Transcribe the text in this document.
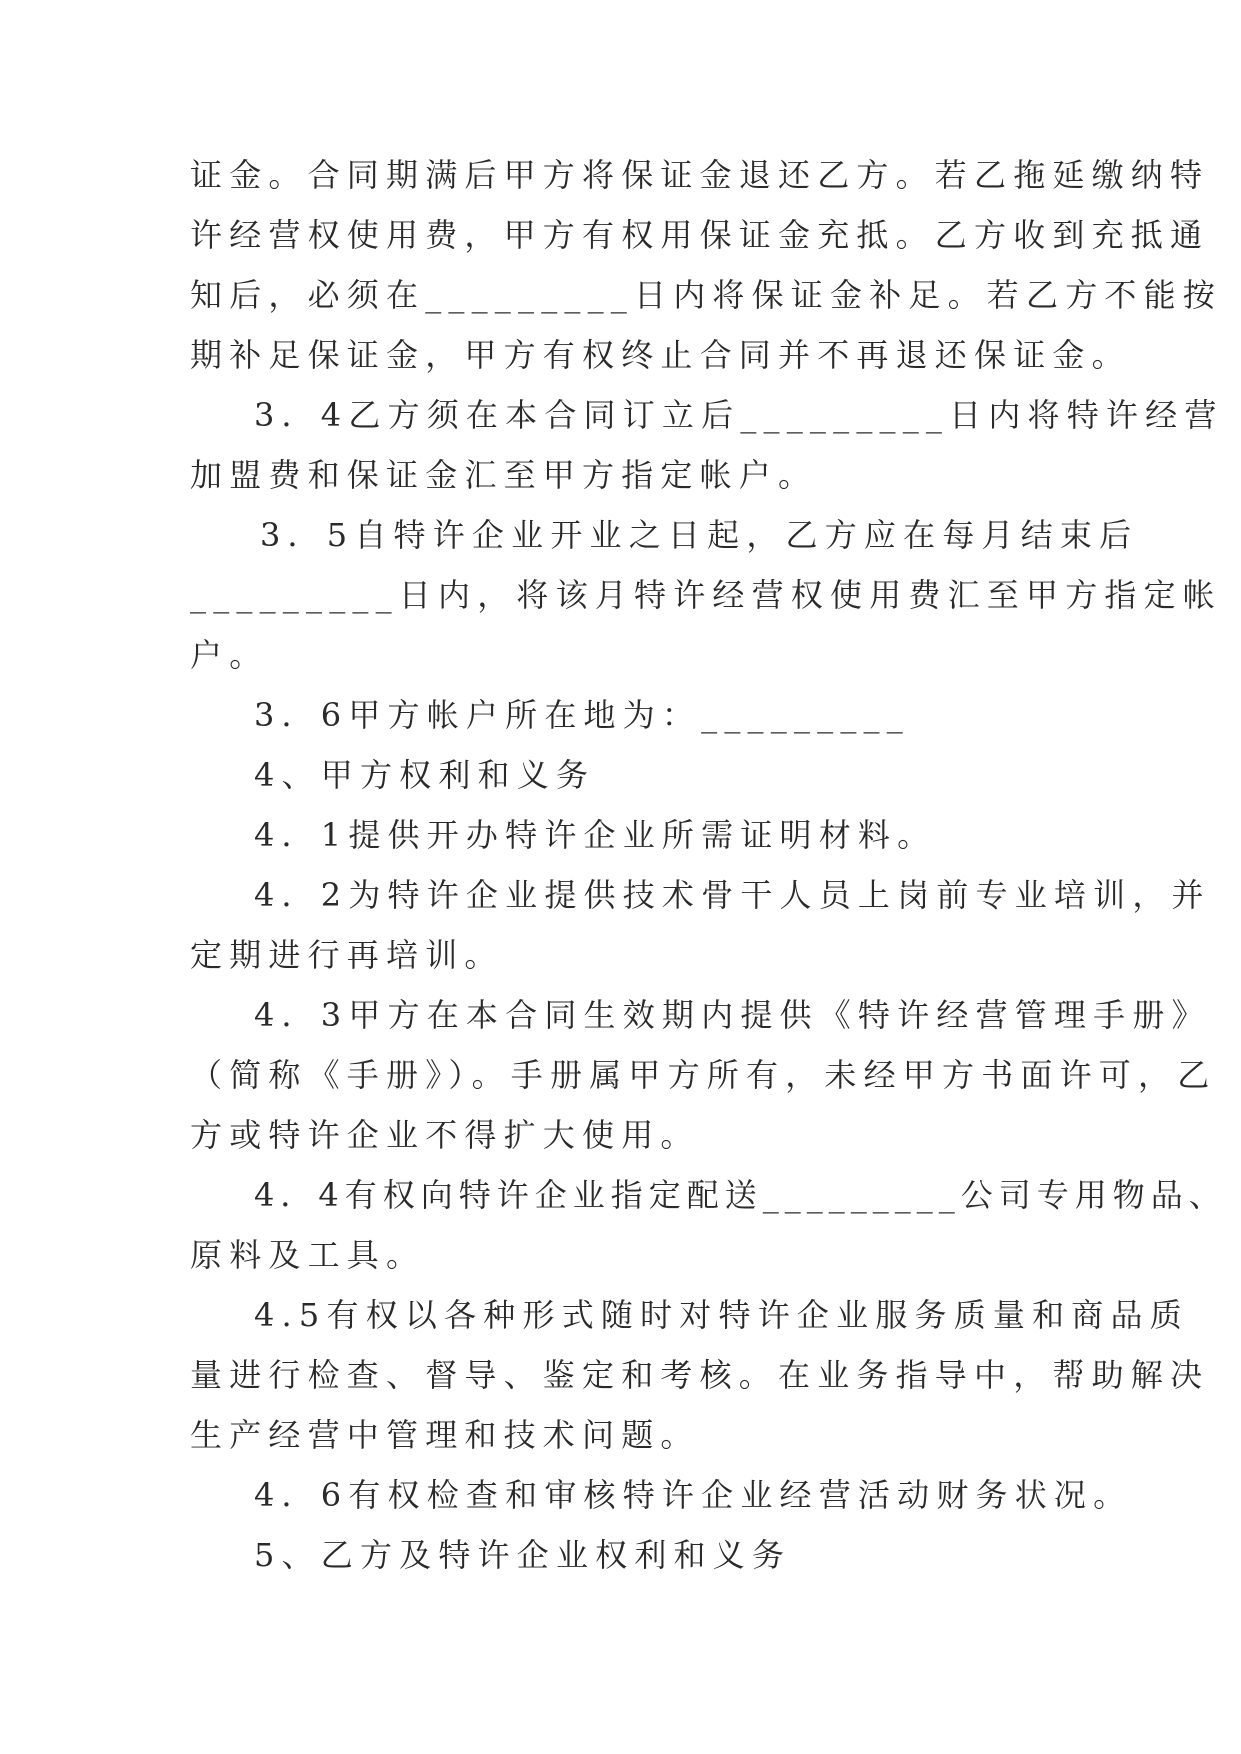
证金。合同期满后甲方将保证金退还乙方。若乙拖延缴纳特
许经营权使用费，甲方有权用保证金充抵。乙方收到充抵通
知后，必须在_________日内将保证金补足。若乙方不能按
期补足保证金，甲方有权终止合同并不再退还保证金。
3．4乙方须在本合同订立后_________日内将特许经营
加盟费和保证金汇至甲方指定帐户。
3．5自特许企业开业之日起，乙方应在每月结束后
_________日内，将该月特许经营权使用费汇至甲方指定帐
户。
3．6甲方帐户所在地为：_________
4、甲方权利和义务
4．1提供开办特许企业所需证明材料。
4．2为特许企业提供技术骨干人员上岗前专业培训，并
定期进行再培训。
4．3甲方在本合同生效期内提供《特许经营管理手册》
（简称《手册》）。手册属甲方所有，未经甲方书面许可，乙
方或特许企业不得扩大使用。
4．4有权向特许企业指定配送_________公司专用物品、
原料及工具。
4.5有权以各种形式随时对特许企业服务质量和商品质
量进行检查、督导、鉴定和考核。在业务指导中，帮助解决
生产经营中管理和技术问题。
4．6有权检查和审核特许企业经营活动财务状况。
5、乙方及特许企业权利和义务
